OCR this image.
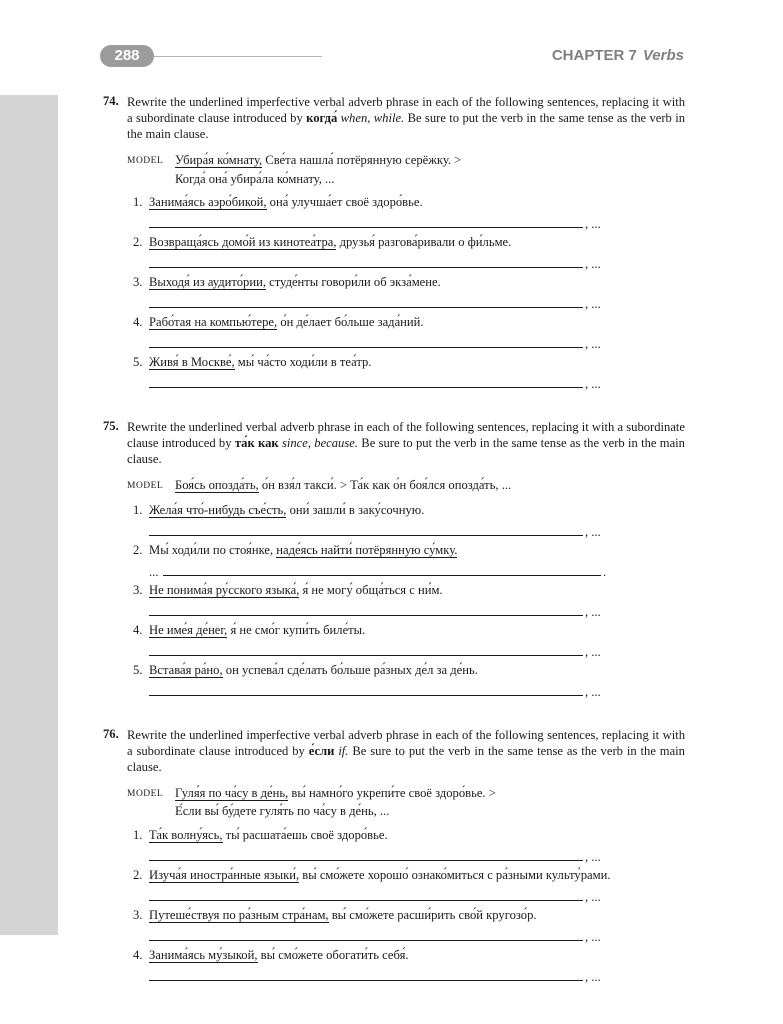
288	CHAPTER 7 Verbs
74. Rewrite the underlined imperfective verbal adverb phrase in each of the following sentences, replacing it with a subordinate clause introduced by когда́ when, while. Be sure to put the verb in the same tense as the verb in the main clause.
MODEL Убира́я ко́мнату, Све́та нашла́ потёрянную серёжку. >
Когда́ она́ убира́ла ко́мнату, ...
1. Занима́ясь аэро́бикой, она́ улучша́ет своё здоро́вье.
, ...
2. Возвраща́ясь домо́й из кинотеа́тра, друзья́ разгова́ривали о фи́льме.
, ...
3. Выходя́ из аудито́рии, студе́нты говори́ли об экза́мене.
, ...
4. Рабо́тая на компью́тере, о́н де́лает бо́льше зада́ний.
, ...
5. Живя́ в Москве́, мы́ ча́сто ходи́ли в теа́тр.
, ...
75. Rewrite the underlined verbal adverb phrase in each of the following sentences, replacing it with a subordinate clause introduced by та́к как since, because. Be sure to put the verb in the same tense as the verb in the main clause.
MODEL Боя́сь опозда́ть, о́н взя́л такси́. > Та́к как о́н боя́лся опозда́ть, ...
1. Жела́я что́-нибудь съе́сть, они́ зашли́ в заку́сочную.
, ...
2. Мы́ ходи́ли по стоя́нке, наде́ясь найти́ потёрянную су́мку.
...	.
3. Не понима́я ру́сского языка́, я́ не могу́ обща́ться с ни́м.
, ...
4. Не име́я де́нег, я́ не смо́г купи́ть биле́ты.
, ...
5. Встава́я ра́но, он успева́л сде́лать бо́льше ра́зных де́л за де́нь.
, ...
76. Rewrite the underlined imperfective verbal adverb phrase in each of the following sentences, replacing it with a subordinate clause introduced by е́сли if. Be sure to put the verb in the same tense as the verb in the main clause.
MODEL Гуля́я по ча́су в де́нь, вы́ намно́го укрепи́те своё здоро́вье. >
Е́сли вы́ бу́дете гуля́ть по ча́су в де́нь, ...
1. Та́к волну́ясь, ты́ расшата́ешь своё здоро́вье.
, ...
2. Изуча́я иностра́нные языки́, вы́ смо́жете хорошо́ ознако́миться с ра́зными культу́рами.
, ...
3. Путеше́ствуя по ра́зным стра́нам, вы́ смо́жете расши́рить сво́й кругозо́р.
, ...
4. Занима́ясь му́зыкой, вы́ смо́жете обогати́ть себя́.
, ...
